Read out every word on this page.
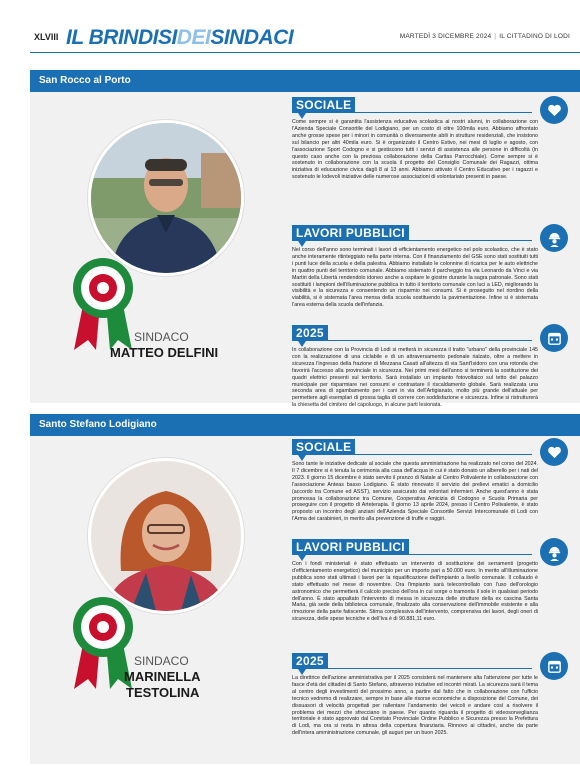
XLVIII IL BRINDISIDEISINDACI	MARTEDÌ 3 DICEMBRE 2024 | IL CITTADINO DI LODI
San Rocco al Porto
SINDACO
MATTEO DELFINI
SOCIALE

Come sempre si è garantita l'assistenza educativa scolastica ai nostri alunni, in collaborazione con l'Azienda Speciale Consortile del Lodigiano, per un costo di oltre 100mila euro. Abbiamo affrontato anche grosse spese per i minori in comunità o diversamente abili in strutture residenziali, che insistono sul bilancio per altri 40mila euro. Si è organizzato il Centro Estivo, nei mesi di luglio e agosto, con l'associazione Sport Codogno e si gestiscono tutti i servizi di assistenza alle persone in difficoltà (in questo caso anche con la preziosa collaborazione della Caritas Parrocchiale). Come sempre si è sostenuto in collaborazione con la scuola il progetto del Consiglio Comunale dei Ragazzi, ottima iniziativa di educazione civica dagli 8 ai 13 anni. Abbiamo attivato il Centro Educativo per i ragazzi e sostenuto le lodevoli iniziative delle numerose associazioni di volontariato presenti in paese.

LAVORI PUBBLICI

Nel corso dell'anno sono terminati i lavori di efficientamento energetico nel polo scolastico, che è stato anche interamente ritinteggiato nella parte interna. Con il finanziamento del GSE sono stati sostituiti tutti i punti luce della scuola e della palestra. Abbiamo installato le colonnine di ricarica per le auto elettriche in quattro punti del territorio comunale. Abbiamo sistemato il parcheggio tra via Leonardo da Vinci e via Martiri della Libertà rendendolo idoneo anche a ospitare le giostre durante la sagra patronale. Sono stati sostituiti i lampioni dell'illuminazione pubblica in tutto il territorio comunale con luci a LED, migliorando la visibilità e la sicurezza e consentendo un risparmio nei consumi. Si è proseguito nel riordino della viabilità, si è sistemata l'area mensa della scuola sostituendo la pavimentazione. Infine si è sistemata l'area esterna della scuola dell'infanzia.

2025

In collaborazione con la Provincia di Lodi si metterà in sicurezza il tratto "urbano" della provinciale 145 con la realizzazione di una ciclabile e di un attraversamento pedonale rialzato, oltre a mettere in sicurezza l'ingresso della frazione di Mezzana Casati all'altezza di via Sant'Isidoro con una rotonda che favorirà l'accesso alla provinciale in sicurezza. Nei primi mesi dell'anno si terminerà la sostituzione dei quadri elettrici presenti sul territorio. Sarà installato un impianto fotovoltaico sul tetto del palazzo municipale per risparmiare nei consumi e contrastare il riscaldamento globale. Sarà realizzata una seconda area di sgambamento per i cani in via dell'Artigianato, molto più grande dell'attuale per permettere agli esemplari di grossa taglia di correre con soddisfazione e sicurezza. Infine si ristrutturerà la chiesetta del cimitero del capoluogo, in alcune parti lesionata.

Santo Stefano Lodigiano
SINDACO
MARINELLA
TESTOLINA
SOCIALE

Sono tante le iniziative dedicate al sociale che questa amministrazione ha realizzato nel corso del 2024. Il 7 dicembre si è tenuta la cerimonia alla casa dell'acqua in cui è stato donato un alberello per i nati del 2023. Il giorno 15 dicembre è stato servito il pranzo di Natale al Centro Polivalente in collaborazione con l'associazione Anteas basso Lodigiano. È stato rinnovato il servizio dei prelievi ematici a domicilio (accordo tra Comune ed ASST), servizio assicurato dai volontari infermieri. Anche quest'anno è stata promossa la collaborazione tra Comune, Cooperativa Amicizia di Codogno e Scuola Primaria per proseguire con il progetto di Arteterapia. Il giorno 13 aprile 2024, presso il Centro Polivalente, è stato proposto un incontro degli anziani dell'Azienda Speciale Consortile Servizi Intercomunale di Lodi con l'Arma dei carabinieri, in merito alla prevenzione di truffe e raggiri.

LAVORI PUBBLICI

Con i fondi ministeriali è stato effettuato un intervento di sostituzione dei serramenti (progetto d'efficientamento energetico) del municipio per un importo pari a 50.000 euro. In merito all'illuminazione pubblica sono stati ultimati i lavori per la riqualificazione dell'impianto a livello comunale. Il collaudo è stato effettuato nel mese di novembre. Ora l'impianto sarà telecontrollato con l'uso dell'orologio astronomico che permetterà il calcolo preciso dell'ora in cui sorge o tramonta il sole in qualsiasi periodo dell'anno. È stato appaltato l'intervento di messa in sicurezza delle strutture della ex cascina Santa Maria, già sede della biblioteca comunale, finalizzato alla conservazione dell'immobile esistente e alla rimozione della parte fatiscente. Stima complessiva dell'intervento, comprensiva dei lavori, degli oneri di sicurezza, delle spese tecniche e dell'Iva è di 90.881,11 euro.

2025

La direttrice dell'azione amministrativa per il 2025 consisterà nel mantenere alta l'attenzione per tutte le fasce d'età dei cittadini di Santo Stefano, attraverso iniziative ed incontri mirati. La sicurezza sarà il tema al centro degli investimenti del prossimo anno, a partire dal fatto che in collaborazione con l'ufficio tecnico vedremo di realizzare, sempre in base alle risorse economiche a disposizione del Comune, dei dissuasori di velocità progettati per rallentare l'andamento dei veicoli e andare così a risolvere il problema dei mezzi che sfrecciano in paese. Per quanto riguarda il progetto di videosorveglianza territoriale è stato approvato dal Comitato Provinciale Ordine Pubblico e Sicurezza presso la Prefettura di Lodi, ma ora si resta in attesa della copertura finanziaria. Rinnovo ai cittadini, anche da parte dell'intera amministrazione comunale, gli auguri per un buon 2025.
